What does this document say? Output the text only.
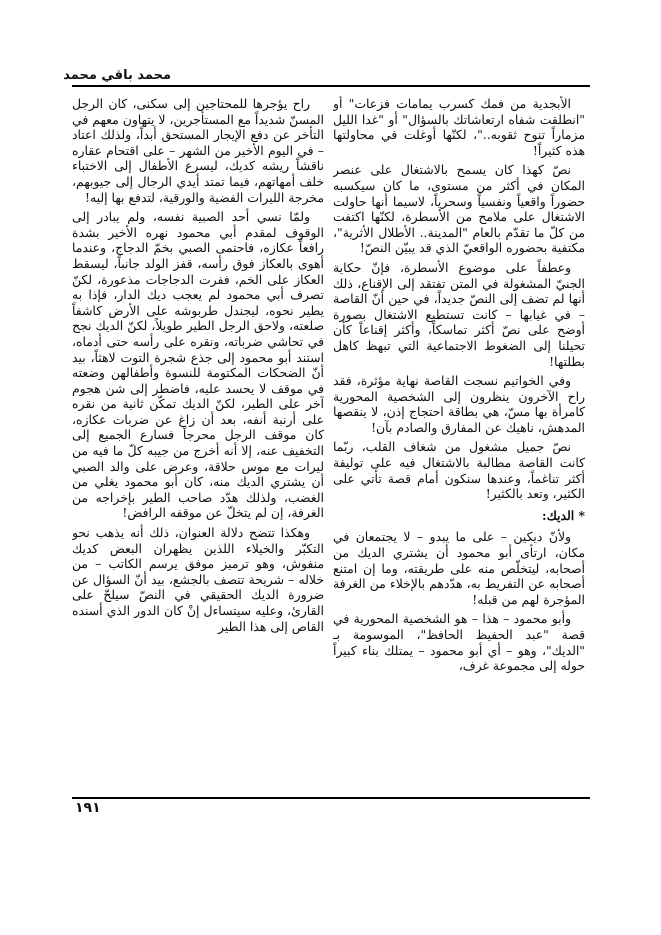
محمد باقي محمد

الأبجدية من فمك كسرب يمامات فزعات" أو "انطلقت شفاه ارتعاشاتك بالسؤال" أو "غدا الليل مزماراً تنوح ثقوبه.."، لكنّها أوغلت في محاولتها هذه كثيراً!

نصّ كهذا كان يسمح بالاشتغال على عنصر المكان في أكثر من مستوى، ما كان سيكسبه حضوراً واقعياً ونفسياً وسحرياً، لاسيما أنها حاولت الاشتغال على ملامح من الأسطرة، لكنّها اكتفت من كلّ ما تقدّم بالعام "المدينة.. الأطلال الأثرية"، مكتفية بحضوره الواقعيّ الذي قد يبيّن النصّ!

وعطفاً على موضوع الأسطرة، فإنّ حكاية الجنيّ المشغولة في المتن تفتقد إلى الإقناع، ذلك أنها لم تضف إلى النصّ جديداً، في حين أنّ القاصة – في غيابها – كانت تستطيع الاشتغال بصورة أوضح على نصّ أكثر تماسكاً، وأكثر إقناعاً كأن تحيلنا إلى الضغوط الاجتماعية التي تبهظ كاهل بطلتها!

وفي الخواتيم نسجت القاصة نهاية مؤثرة، فقد راح الآخرون ينظرون إلى الشخصية المحورية كامرأة بها مسّ، هي بطاقة احتجاج إذن، لا ينقصها المدهش، ناهيك عن المفارق والصادم بآن!

نصّ جميل مشغول من شغاف القلب، ربّما كانت القاصة مطالبة بالاشتغال فيه على توليفة أكثر تناغماً، وعندها سنكون أمام قصة تأتي على الكثير، وتعد بالكثير!

* الديك:

ولأنّ ديكين – على ما يبدو – لا يجتمعان في مكان، ارتأى أبو محمود أن يشتري الديك من أصحابه، ليتخلّص منه على طريقته، وما إن امتنع أصحابه عن التفريط به، هدّدهم بالإخلاء من الغرفة المؤجرة لهم من قبله!

وأبو محمود – هذا – هو الشخصية المحورية في قصة "عبد الحفيظ الحافظ"، الموسومة بـ "الديك"، وهو – أي أبو محمود – يمتلك بناء كبيراً حوله إلى مجموعة غرف،

راح يؤجرها للمحتاجين إلى سكنى، كان الرجل المسنّ شديداً مع المستأجرين، لا يتهاون معهم في التأخر عن دفع الإيجار المستحق أبداً، ولذلك اعتاد – في اليوم الأخير من الشهر – على اقتحام عقاره ناقشاً ريشه كديك، ليسرع الأطفال إلى الاختباء خلف أمهاتهم، فيما تمتد أيدي الرجال إلى جيوبهم، مخرجة الليرات الفضية والورقية، لتدفع بها إليه!

ولمّا نسي أحد الصبية نفسه، ولم يبادر إلى الوقوف لمقدم أبي محمود نهره الأخير بشدة رافعاً عكازه، فاحتمى الصبي بخمّ الدجاج، وعندما أهوى بالعكاز فوق رأسه، قفز الولد جانباً، ليسقط العكاز على الخم، ففرت الدجاجات مذعورة، لكنّ تصرف أبي محمود لم يعجب ديك الدار، فإذا به يطير نحوه، ليجندل طربوشه على الأرض كاشفاً صلعته، ولاحق الرجل الطير طويلاً، لكنّ الديك نجح في تحاشي ضرباته، ونقره على رأسه حتى أدماه، استند أبو محمود إلى جذع شجرة التوت لاهثاً، بيد أنّ الضحكات المكتومة للنسوة وأطفالهن وضعته في موقف لا يحسد عليه، فاضطر إلى شن هجوم آخر على الطير، لكنّ الديك تمكّن ثانية من نقره على أرنبة أنفه، بعد أن زاغ عن ضربات عكازه، كان موقف الرجل محرجاً فسارع الجميع إلى التخفيف عنه، إلا أنه أخرج من جيبه كلّ ما فيه من ليرات مع موس حلاقة، وعرض على والد الصبي أن يشتري الديك منه، كان أبو محمود يغلي من الغضب، ولذلك هدّد صاحب الطير بإخراجه من الغرفة، إن لم يتخلّ عن موقفه الرافض!

وهكذا تتضح دلالة العنوان، ذلك أنه يذهب نحو التكبّر والخيلاء اللذين يظهران البعض كديك منفوش، وهو ترميز موفق يرسم الكاتب – من خلاله – شريحة تتصف بالجشع، بيد أنّ السؤال عن ضرورة الديك الحقيقي في النصّ سيلحّ على القارئ، وعليه سيتساءل إنْ كان الدور الذي أسنده القاص إلى هذا الطير

١٩١
